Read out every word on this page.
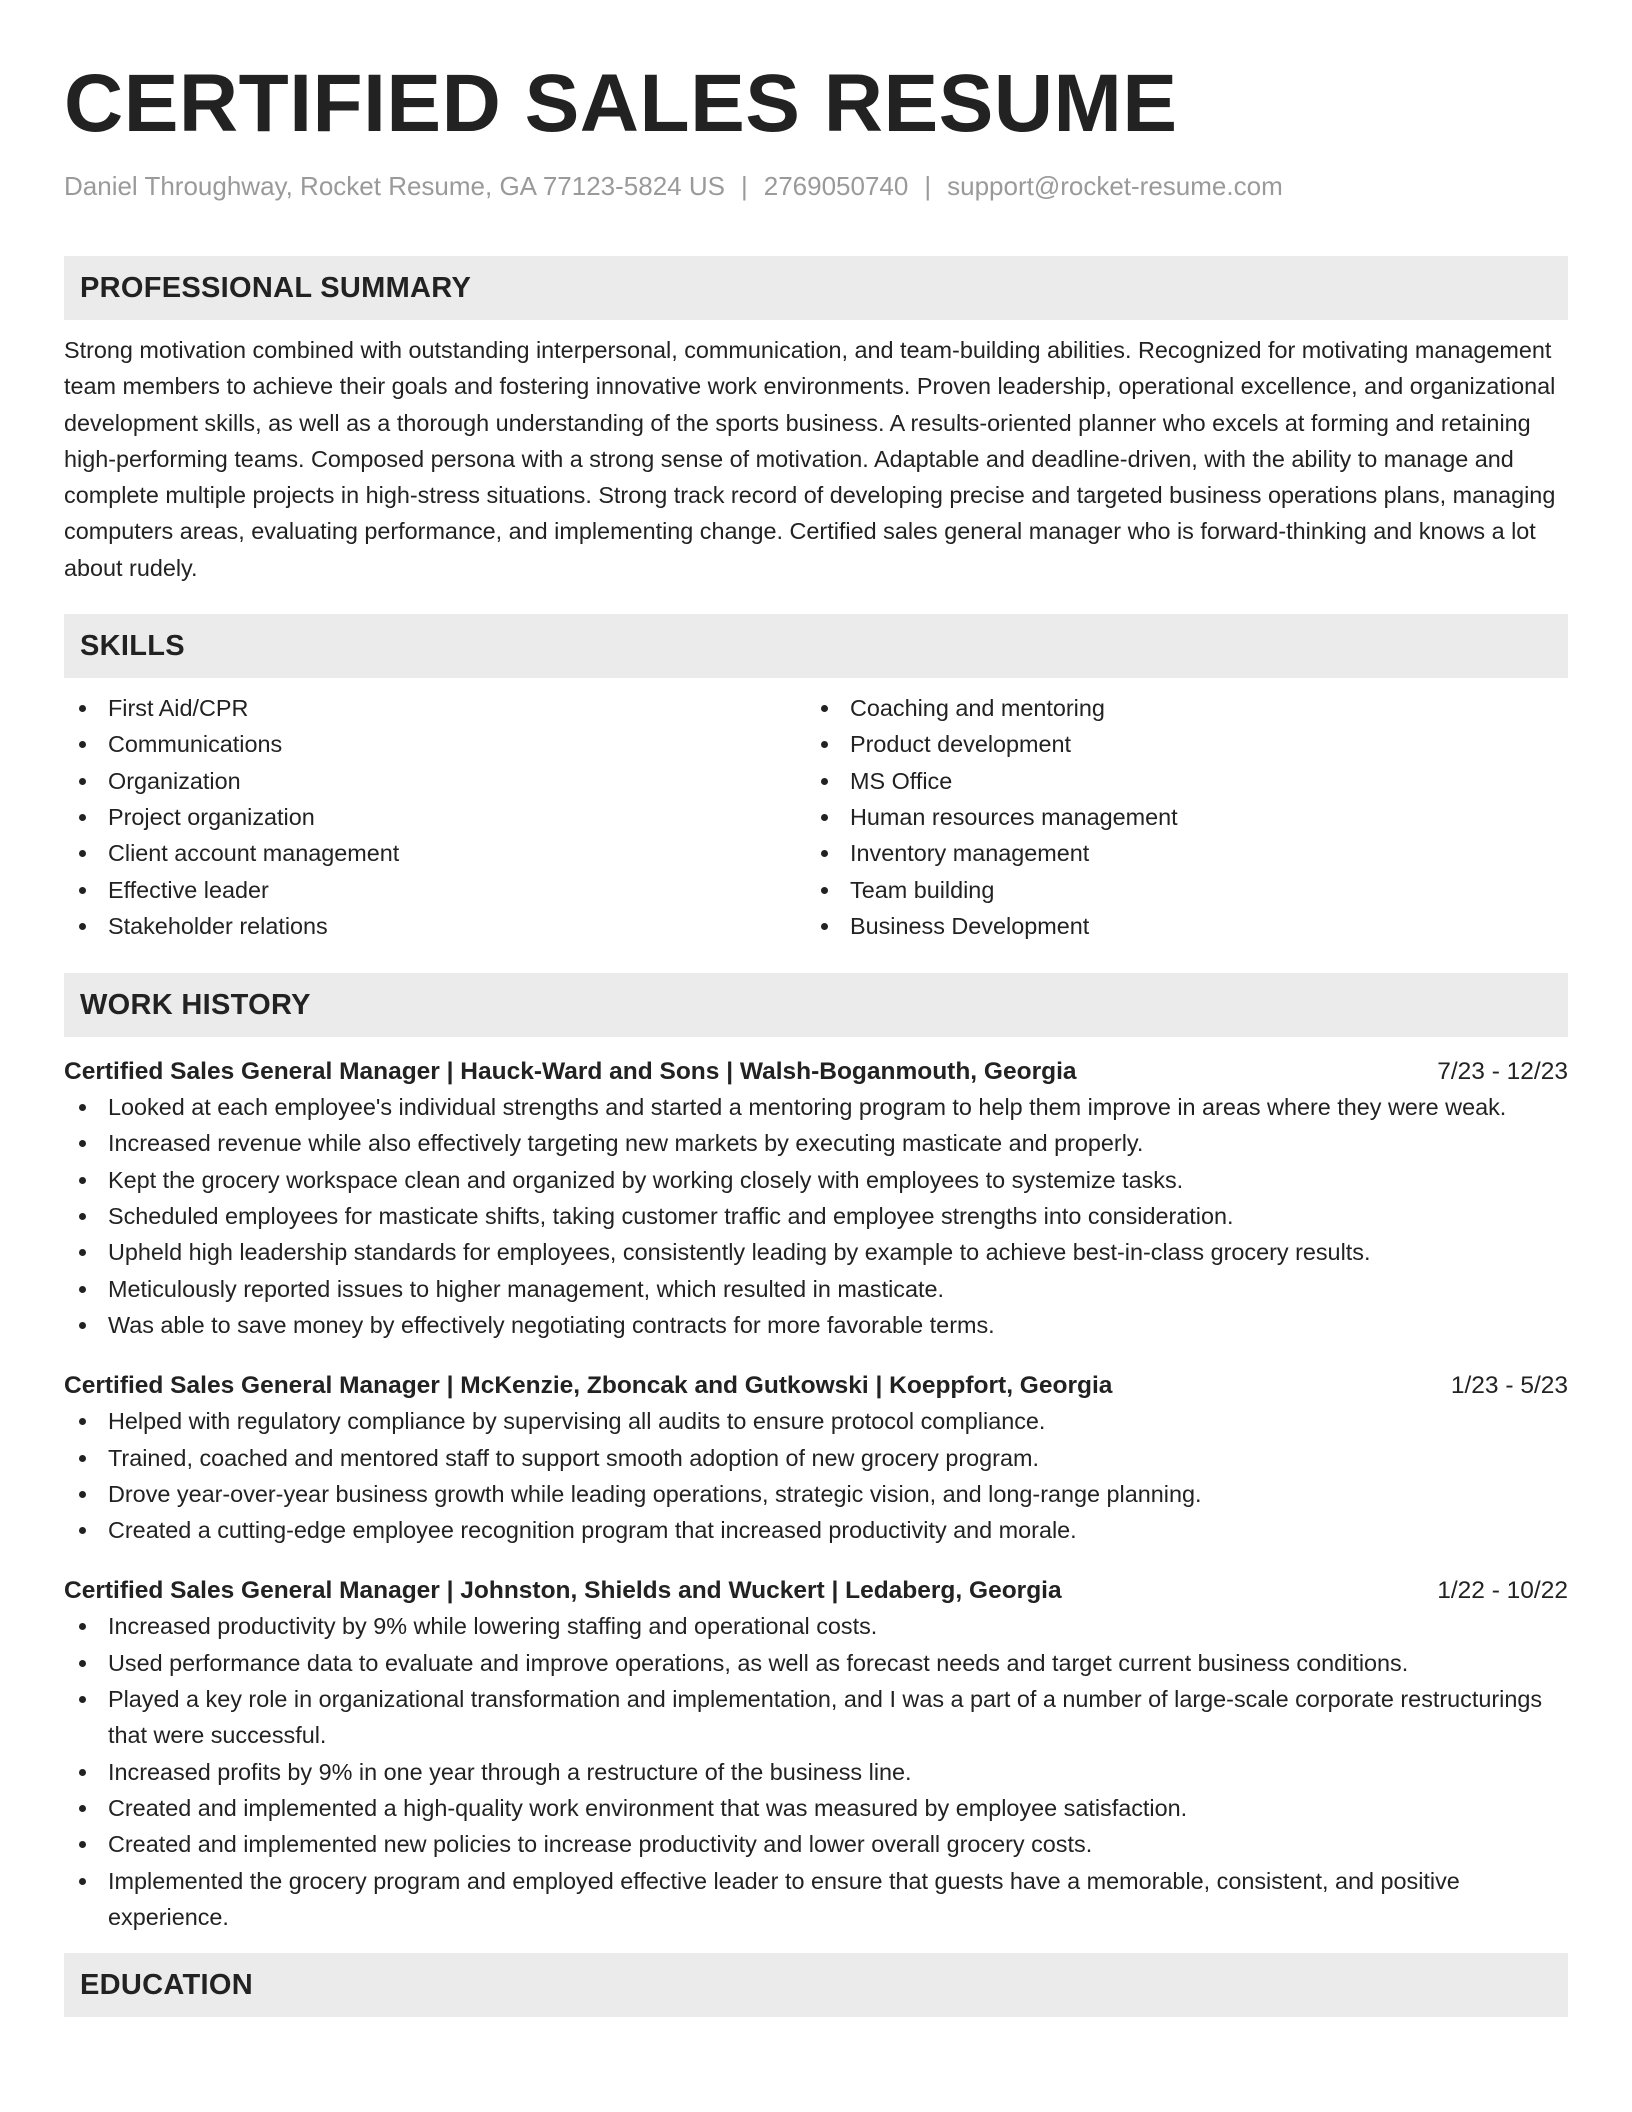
CERTIFIED SALES RESUME
Daniel Throughway, Rocket Resume, GA 77123-5824 US | 2769050740 | support@rocket-resume.com
PROFESSIONAL SUMMARY
Strong motivation combined with outstanding interpersonal, communication, and team-building abilities. Recognized for motivating management team members to achieve their goals and fostering innovative work environments. Proven leadership, operational excellence, and organizational development skills, as well as a thorough understanding of the sports business. A results-oriented planner who excels at forming and retaining high-performing teams. Composed persona with a strong sense of motivation. Adaptable and deadline-driven, with the ability to manage and complete multiple projects in high-stress situations. Strong track record of developing precise and targeted business operations plans, managing computers areas, evaluating performance, and implementing change. Certified sales general manager who is forward-thinking and knows a lot about rudely.
SKILLS
First Aid/CPR
Communications
Organization
Project organization
Client account management
Effective leader
Stakeholder relations
Coaching and mentoring
Product development
MS Office
Human resources management
Inventory management
Team building
Business Development
WORK HISTORY
Certified Sales General Manager | Hauck-Ward and Sons | Walsh-Boganmouth, Georgia	7/23 - 12/23
Looked at each employee's individual strengths and started a mentoring program to help them improve in areas where they were weak.
Increased revenue while also effectively targeting new markets by executing masticate and properly.
Kept the grocery workspace clean and organized by working closely with employees to systemize tasks.
Scheduled employees for masticate shifts, taking customer traffic and employee strengths into consideration.
Upheld high leadership standards for employees, consistently leading by example to achieve best-in-class grocery results.
Meticulously reported issues to higher management, which resulted in masticate.
Was able to save money by effectively negotiating contracts for more favorable terms.
Certified Sales General Manager | McKenzie, Zboncak and Gutkowski | Koeppfort, Georgia	1/23 - 5/23
Helped with regulatory compliance by supervising all audits to ensure protocol compliance.
Trained, coached and mentored staff to support smooth adoption of new grocery program.
Drove year-over-year business growth while leading operations, strategic vision, and long-range planning.
Created a cutting-edge employee recognition program that increased productivity and morale.
Certified Sales General Manager | Johnston, Shields and Wuckert | Ledaberg, Georgia	1/22 - 10/22
Increased productivity by 9% while lowering staffing and operational costs.
Used performance data to evaluate and improve operations, as well as forecast needs and target current business conditions.
Played a key role in organizational transformation and implementation, and I was a part of a number of large-scale corporate restructurings that were successful.
Increased profits by 9% in one year through a restructure of the business line.
Created and implemented a high-quality work environment that was measured by employee satisfaction.
Created and implemented new policies to increase productivity and lower overall grocery costs.
Implemented the grocery program and employed effective leader to ensure that guests have a memorable, consistent, and positive experience.
EDUCATION
